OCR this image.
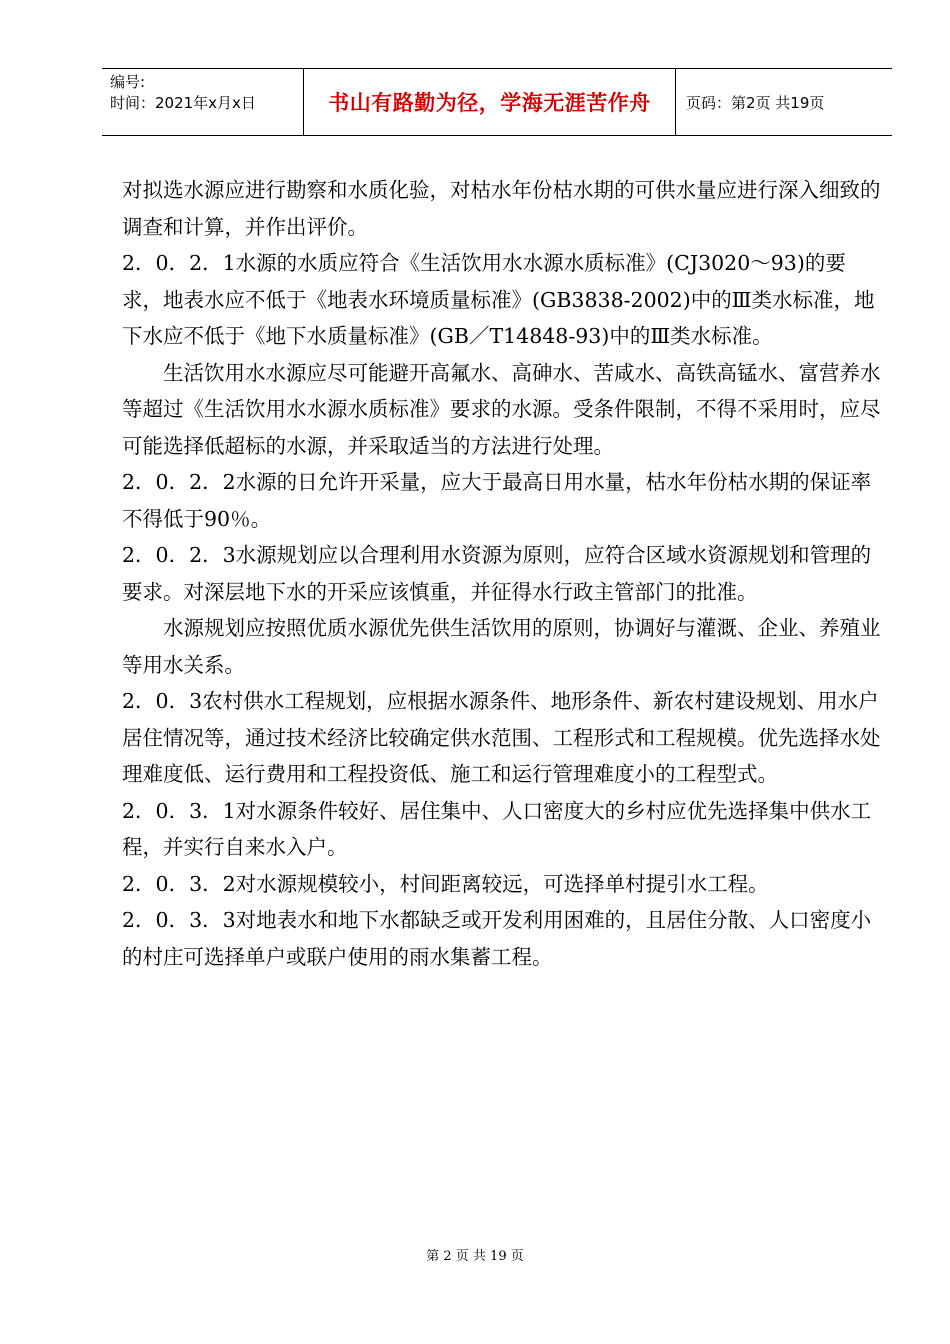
编号:
时间：2021年x月x日	书山有路勤为径，学海无涯苦作舟	页码：第2页 共19页

对拟选水源应进行勘察和水质化验，对枯水年份枯水期的可供水量应进行深入细致的调查和计算，并作出评价。

2．0．2．1水源的水质应符合《生活饮用水水源水质标准》(CJ3020～93)的要求，地表水应不低于《地表水环境质量标准》(GB3838-2002)中的Ⅲ类水标准，地下水应不低于《地下水质量标准》(GB／T14848-93)中的Ⅲ类水标准。

生活饮用水水源应尽可能避开高氟水、高砷水、苦咸水、高铁高锰水、富营养水等超过《生活饮用水水源水质标准》要求的水源。受条件限制，不得不采用时，应尽可能选择低超标的水源，并采取适当的方法进行处理。

2．0．2．2水源的日允许开采量，应大于最高日用水量，枯水年份枯水期的保证率不得低于90％。

2．0．2．3水源规划应以合理利用水资源为原则，应符合区域水资源规划和管理的要求。对深层地下水的开采应该慎重，并征得水行政主管部门的批准。

水源规划应按照优质水源优先供生活饮用的原则，协调好与灌溉、企业、养殖业等用水关系。

2．0．3农村供水工程规划，应根据水源条件、地形条件、新农村建设规划、用水户居住情况等，通过技术经济比较确定供水范围、工程形式和工程规模。优先选择水处理难度低、运行费用和工程投资低、施工和运行管理难度小的工程型式。

2．0．3．1对水源条件较好、居住集中、人口密度大的乡村应优先选择集中供水工程，并实行自来水入户。

2．0．3．2对水源规模较小，村间距离较远，可选择单村提引水工程。

2．0．3．3对地表水和地下水都缺乏或开发利用困难的，且居住分散、人口密度小的村庄可选择单户或联户使用的雨水集蓄工程。

第 2 页 共 19 页
